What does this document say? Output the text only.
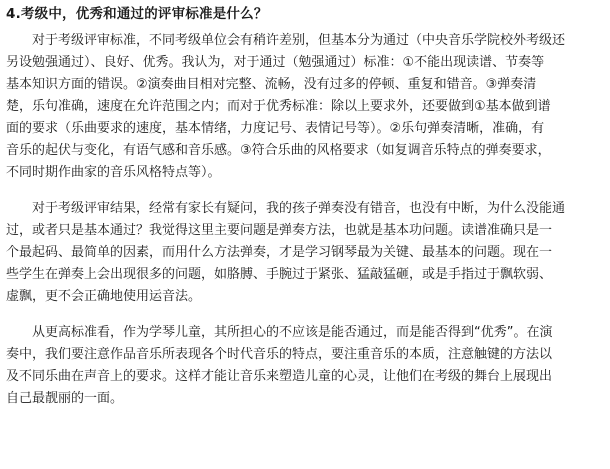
4.考级中，优秀和通过的评审标准是什么？
对于考级评审标准，不同考级单位会有稍许差别，但基本分为通过（中央音乐学院校外考级还
另设勉强通过）、良好、优秀。我认为，对于通过（勉强通过）标准：①不能出现读谱、节奏等
基本知识方面的错误。②演奏曲目相对完整、流畅，没有过多的停顿、重复和错音。③弹奏清
楚，乐句准确，速度在允许范围之内；而对于优秀标准：除以上要求外，还要做到①基本做到谱
面的要求（乐曲要求的速度，基本情绪，力度记号、表情记号等）。②乐句弹奏清晰，准确，有
音乐的起伏与变化，有语气感和音乐感。③符合乐曲的风格要求（如复调音乐特点的弹奏要求，
不同时期作曲家的音乐风格特点等）。
对于考级评审结果，经常有家长有疑问，我的孩子弹奏没有错音，也没有中断，为什么没能通
过，或者只是基本通过？我觉得这里主要问题是弹奏方法，也就是基本功问题。读谱准确只是一
个最起码、最简单的因素，而用什么方法弹奏，才是学习钢琴最为关键、最基本的问题。现在一
些学生在弹奏上会出现很多的问题，如胳膊、手腕过于紧张、猛敲猛砸，或是手指过于飘软弱、
虚飘，更不会正确地使用运音法。
从更高标准看，作为学琴儿童，其所担心的不应该是能否通过，而是能否得到“优秀”。在演
奏中，我们要注意作品音乐所表现各个时代音乐的特点，要注重音乐的本质，注意触键的方法以
及不同乐曲在声音上的要求。这样才能让音乐来塑造儿童的心灵，让他们在考级的舞台上展现出
自己最靓丽的一面。
